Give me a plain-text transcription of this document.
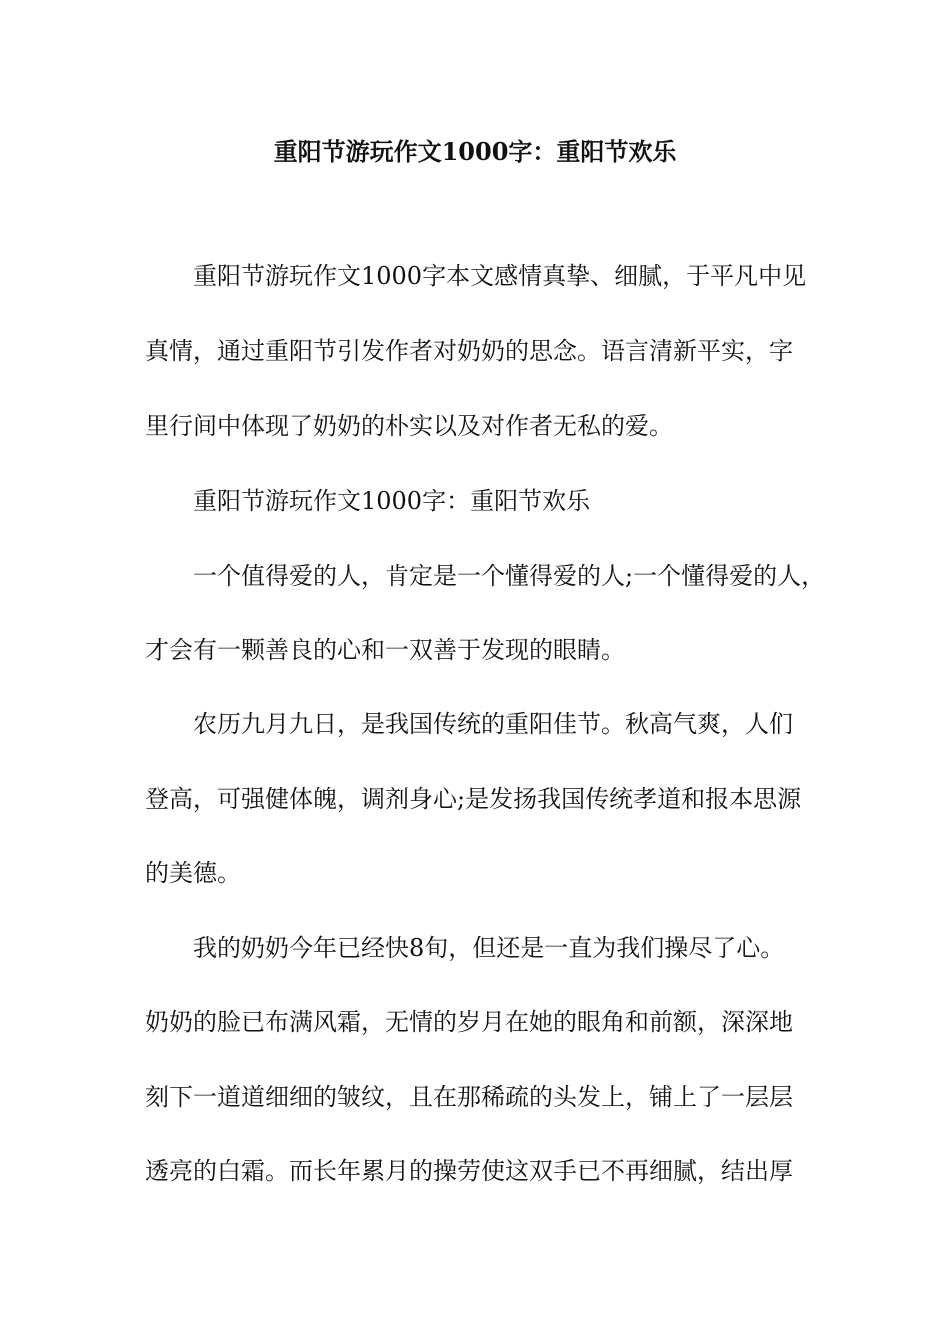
重阳节游玩作文1000字：重阳节欢乐
重阳节游玩作文1000字本文感情真挚、细腻，于平凡中见
真情，通过重阳节引发作者对奶奶的思念。语言清新平实，字
里行间中体现了奶奶的朴实以及对作者无私的爱。
重阳节游玩作文1000字：重阳节欢乐
一个值得爱的人，肯定是一个懂得爱的人;一个懂得爱的人，
才会有一颗善良的心和一双善于发现的眼睛。
农历九月九日，是我国传统的重阳佳节。秋高气爽，人们
登高，可强健体魄，调剂身心;是发扬我国传统孝道和报本思源
的美德。
我的奶奶今年已经快8旬，但还是一直为我们操尽了心。
奶奶的脸已布满风霜，无情的岁月在她的眼角和前额，深深地
刻下一道道细细的皱纹，且在那稀疏的头发上，铺上了一层层
透亮的白霜。而长年累月的操劳使这双手已不再细腻，结出厚
